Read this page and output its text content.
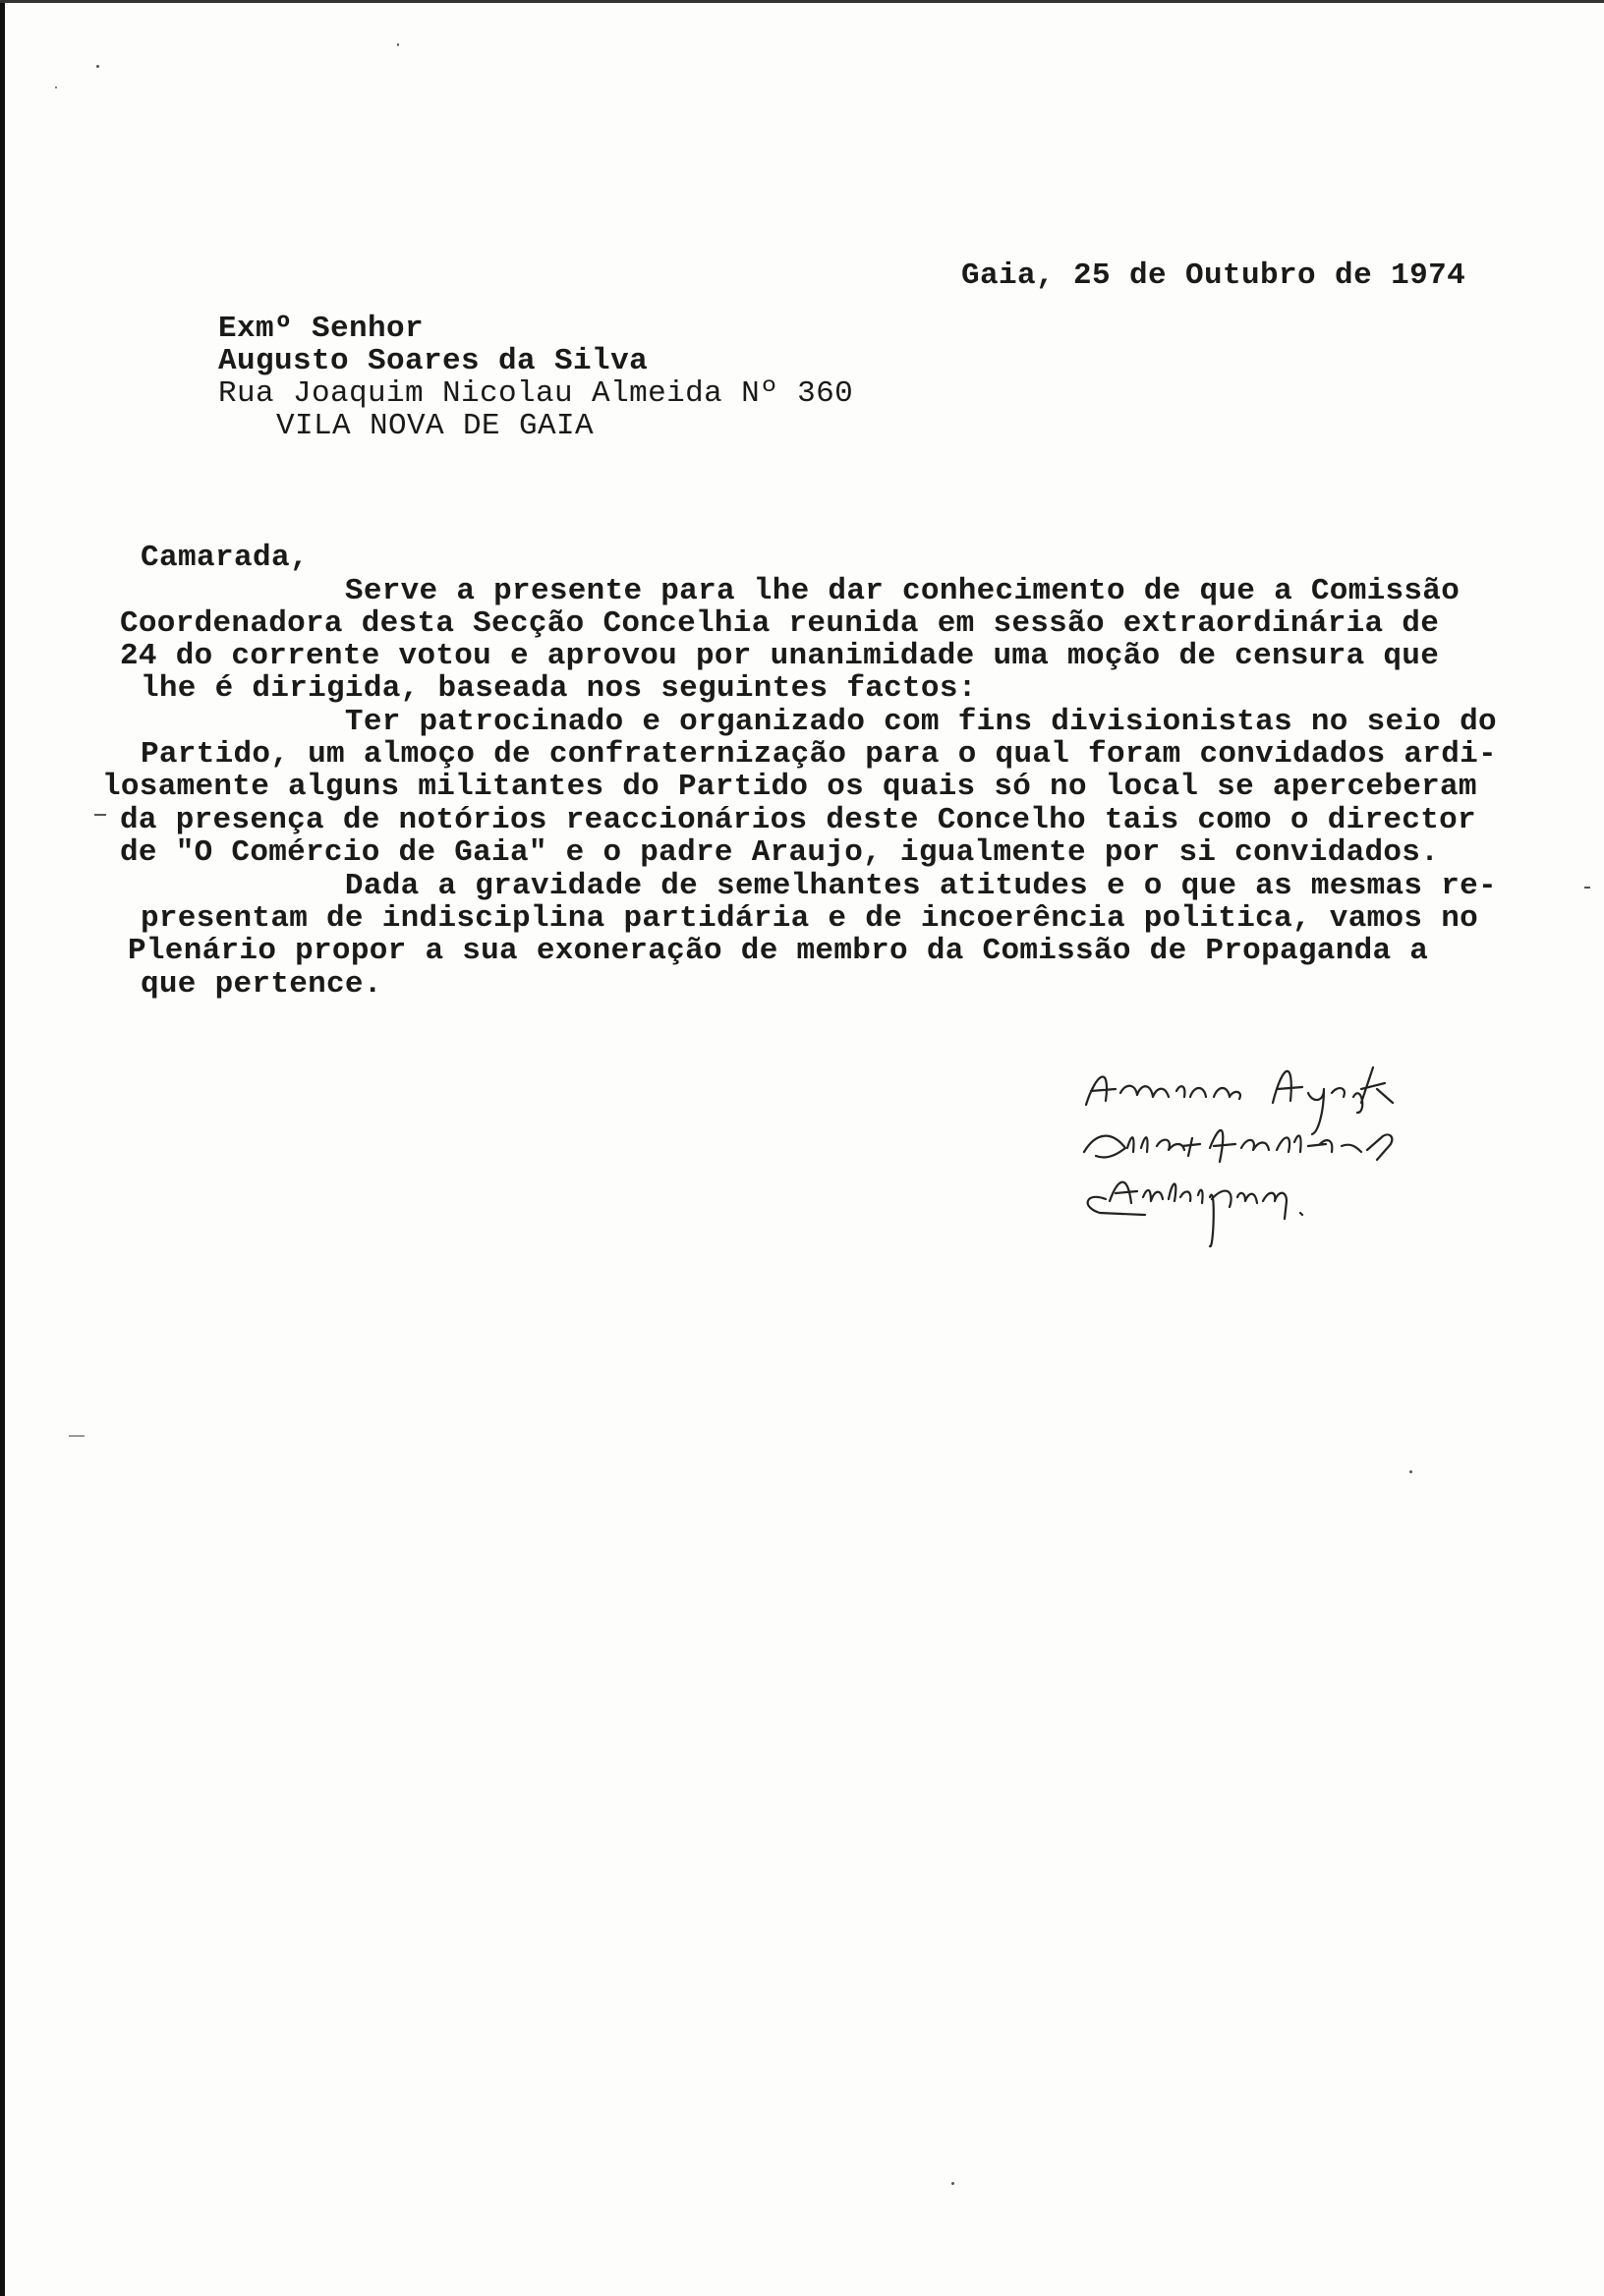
Gaia, 25 de Outubro de 1974
Exmº Senhor
Augusto Soares da Silva
Rua Joaquim Nicolau Almeida Nº 360
VILA NOVA DE GAIA
Camarada,
Serve a presente para lhe dar conhecimento de que a Comissão
Coordenadora desta Secção Concelhia reunida em sessão extraordinária de
24 do corrente votou e aprovou por unanimidade uma moção de censura que
lhe é dirigida, baseada nos seguintes factos:
Ter patrocinado e organizado com fins divisionistas no seio do
Partido, um almoço de confraternização para o qual foram convidados ardi-
losamente alguns militantes do Partido os quais só no local se aperceberam
da presença de notórios reaccionários deste Concelho tais como o director
de "O Comércio de Gaia" e o padre Araujo, igualmente por si convidados.
Dada a gravidade de semelhantes atitudes e o que as mesmas re-
presentam de indisciplina partidária e de incoerência politica, vamos no
Plenário propor a sua exoneração de membro da Comissão de Propaganda a
que pertence.
